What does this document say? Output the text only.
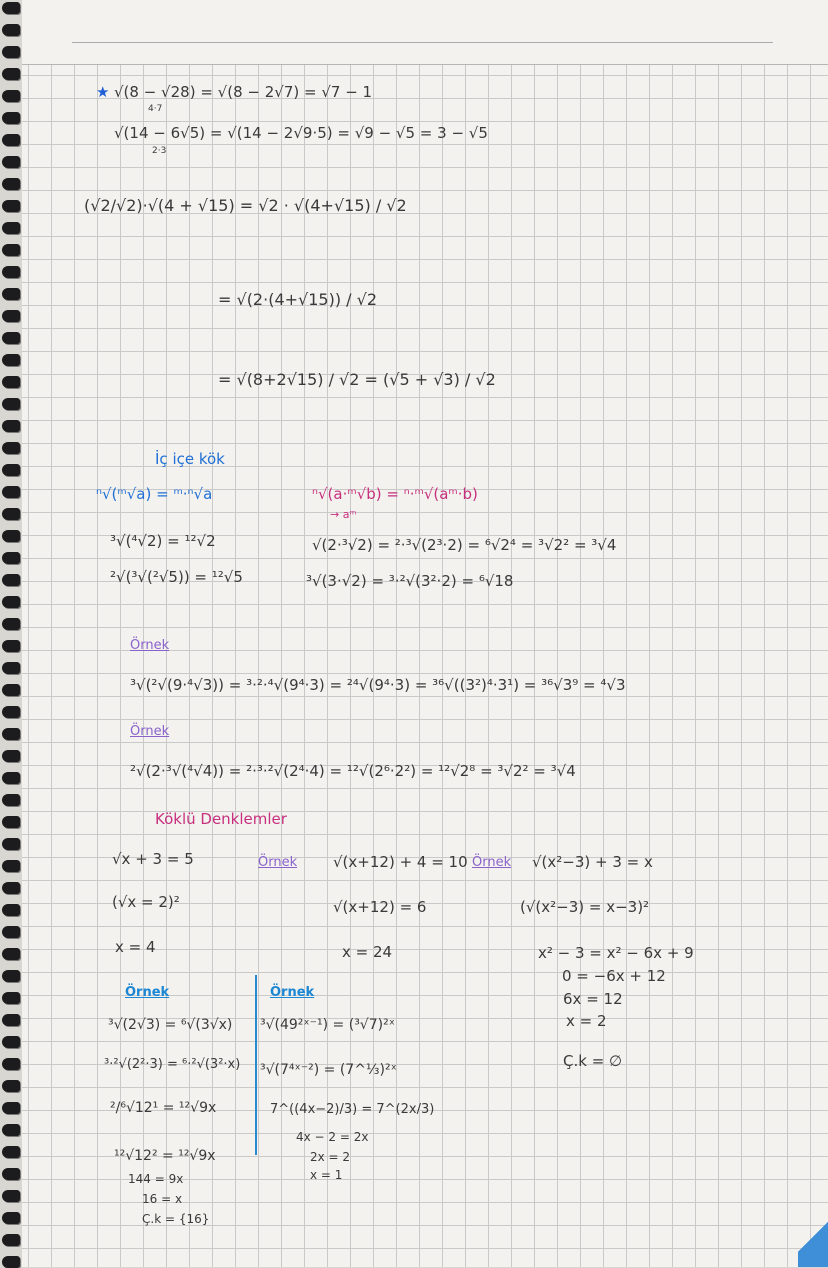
★ √(8 − √28) = √(8 − 2√7) = √7 − 1
4·7
√(14 − 6√5) = √(14 − 2√9·5) = √9 − √5 = 3 − √5
2·3
(√2/√2)·√(4 + √15) = √2 · √(4+√15) / √2
= √(2·(4+√15)) / √2
= √(8+2√15) / √2 = (√5 + √3) / √2
İç içe kök
ⁿ√(ᵐ√a) = ᵐ·ⁿ√a	ⁿ√(a·ᵐ√b) = ⁿ·ᵐ√(aᵐ·b)
→ aᵐ
³√(⁴√2) = ¹²√2
²√(³√(²√5)) = ¹²√5
√(2·³√2) = ²·³√(2³·2) = ⁶√2⁴ = ³√2² = ³√4
³√(3·√2) = ³·²√(3²·2) = ⁶√18
Örnek
³√(²√(9·⁴√3)) = ³·²·⁴√(9⁴·3) = ²⁴√(9⁴·3) = ³⁶√((3²)⁴·3¹) = ³⁶√3⁹ = ⁴√3
Örnek
²√(2·³√(⁴√4)) = ²·³·²√(2⁴·4) = ¹²√(2⁶·2²) = ¹²√2⁸ = ³√2² = ³√4
Köklü Denklemler
√x + 3 = 5
(√x = 2)²
x = 4
Örnek √(x+12) + 4 = 10
√(x+12) = 6
x = 24
Örnek √(x²−3) + 3 = x
(√(x²−3) = x−3)²
x² − 3 = x² − 6x + 9
0 = −6x + 12
6x = 12
x = 2
Ç.k = ∅
Örnek
³√(2√3) = ⁶√(3√x)
³·²√(2²·3) = ⁶·²√(3²·x)
²/⁶√12¹ = ¹²√9x
¹²√12² = ¹²√9x
144 = 9x
16 = x
Ç.k = {16}
Örnek
³√(49²ˣ⁻¹) = (³√7)²ˣ
³√(7⁴ˣ⁻²) = (7^⅓)²ˣ
7^((4x−2)/3) = 7^(2x/3)
4x − 2 = 2x
2x = 2
x = 1
